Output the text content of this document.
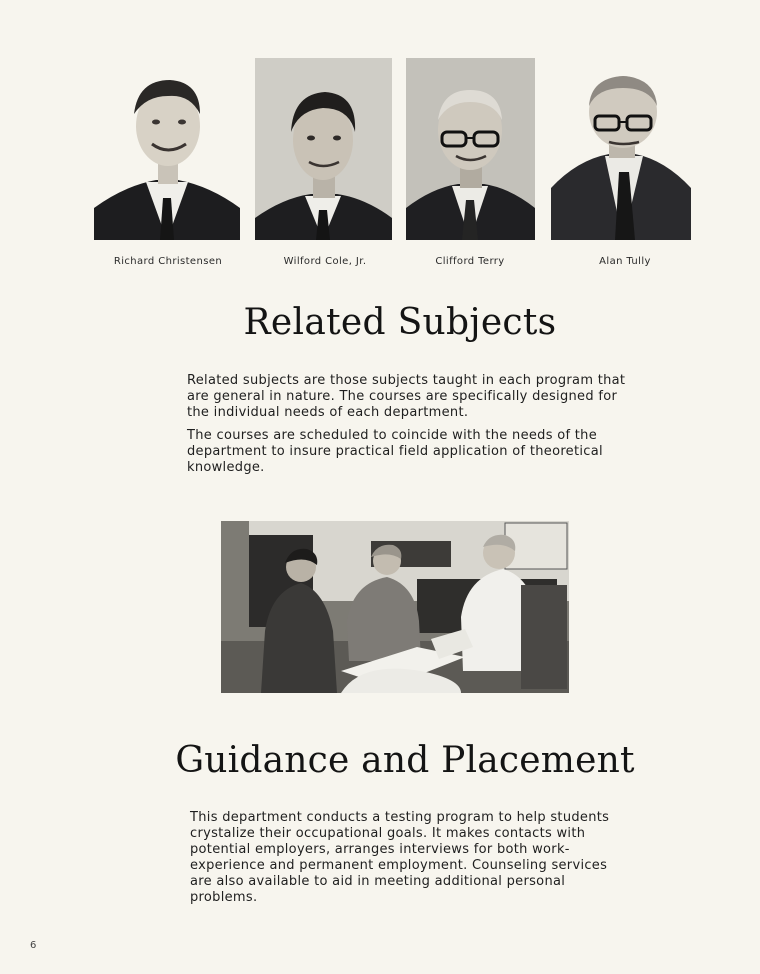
Richard Christensen	Wilford Cole, Jr.	Clifford Terry	Alan Tully
Related Subjects

Related subjects are those subjects taught in each program that are general in nature. The courses are specifically designed for the individual needs of each department.

The courses are scheduled to coincide with the needs of the department to insure practical field application of theoretical knowledge.

Guidance and Placement

This department conducts a testing program to help students crystalize their occupational goals. It makes contacts with potential employers, arranges interviews for both work-experience and permanent employment. Counseling services are also available to aid in meeting additional personal problems.

6
